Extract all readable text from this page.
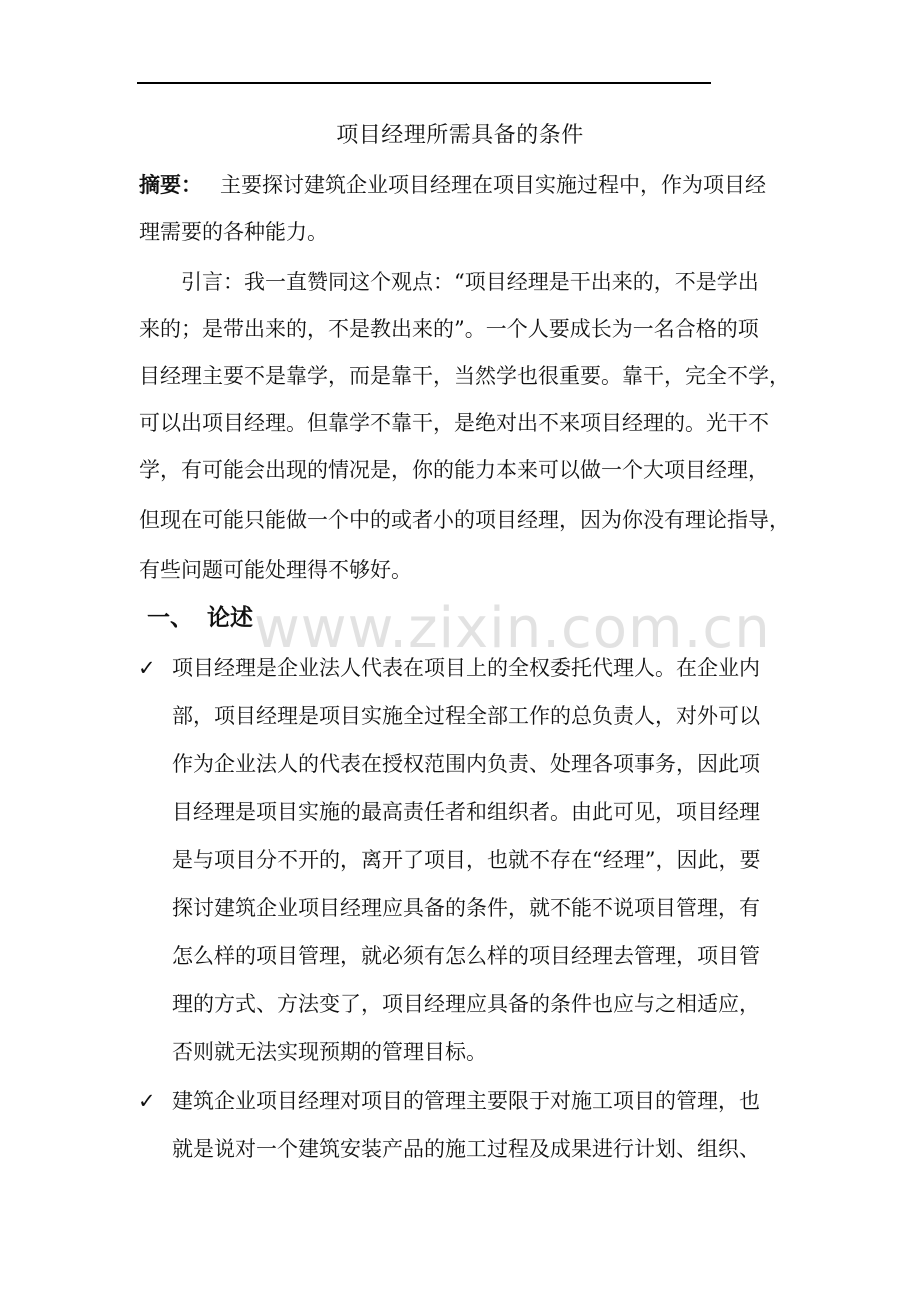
项目经理所需具备的条件
摘要： 主要探讨建筑企业项目经理在项目实施过程中，作为项目经
理需要的各种能力。
引言：我一直赞同这个观点：“项目经理是干出来的，不是学出
来的；是带出来的，不是教出来的”。一个人要成长为一名合格的项
目经理主要不是靠学，而是靠干，当然学也很重要。靠干，完全不学，
可以出项目经理。但靠学不靠干，是绝对出不来项目经理的。光干不
学，有可能会出现的情况是，你的能力本来可以做一个大项目经理，
但现在可能只能做一个中的或者小的项目经理，因为你没有理论指导，
有些问题可能处理得不够好。
一、 论述 www.zixin.com.cn
✓ 项目经理是企业法人代表在项目上的全权委托代理人。在企业内
部，项目经理是项目实施全过程全部工作的总负责人，对外可以
作为企业法人的代表在授权范围内负责、处理各项事务，因此项
目经理是项目实施的最高责任者和组织者。由此可见，项目经理
是与项目分不开的，离开了项目，也就不存在“经理”，因此，要
探讨建筑企业项目经理应具备的条件，就不能不说项目管理，有
怎么样的项目管理，就必须有怎么样的项目经理去管理，项目管
理的方式、方法变了，项目经理应具备的条件也应与之相适应，
否则就无法实现预期的管理目标。
✓ 建筑企业项目经理对项目的管理主要限于对施工项目的管理，也
就是说对一个建筑安装产品的施工过程及成果进行计划、组织、
